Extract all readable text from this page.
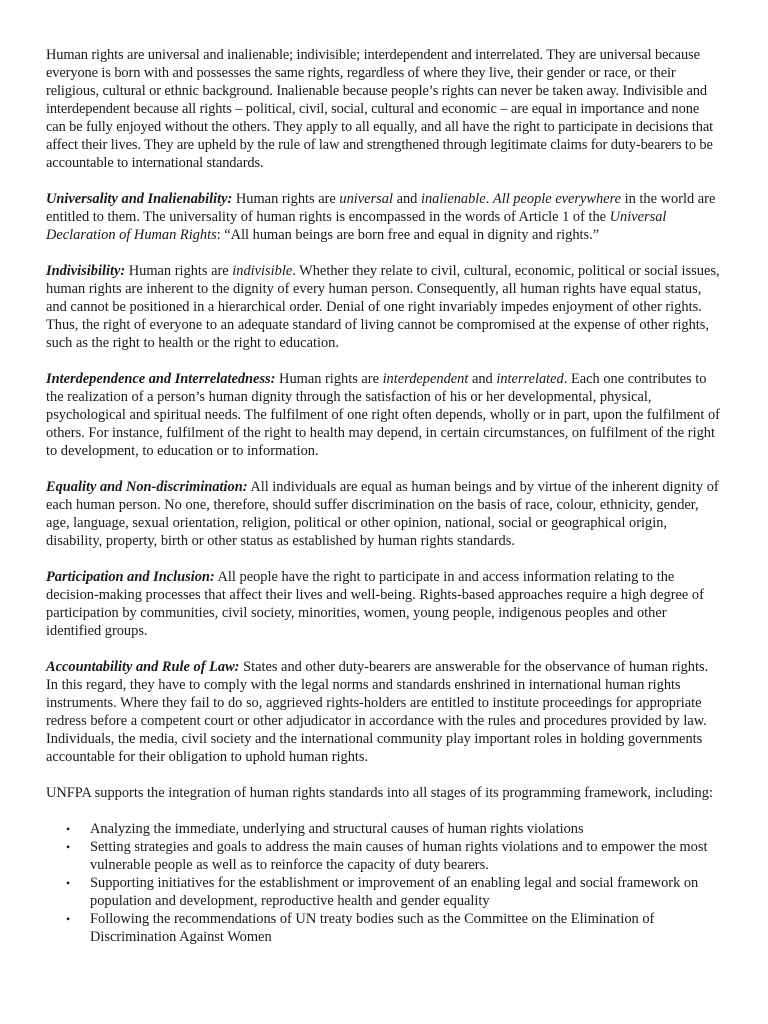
Human rights are universal and inalienable; indivisible; interdependent and interrelated. They are universal because everyone is born with and possesses the same rights, regardless of where they live, their gender or race, or their religious, cultural or ethnic background. Inalienable because people’s rights can never be taken away. Indivisible and interdependent because all rights – political, civil, social, cultural and economic – are equal in importance and none can be fully enjoyed without the others. They apply to all equally, and all have the right to participate in decisions that affect their lives. They are upheld by the rule of law and strengthened through legitimate claims for duty-bearers to be accountable to international standards.

Universality and Inalienability: Human rights are universal and inalienable. All people everywhere in the world are entitled to them. The universality of human rights is encompassed in the words of Article 1 of the Universal Declaration of Human Rights: “All human beings are born free and equal in dignity and rights.”

Indivisibility: Human rights are indivisible. Whether they relate to civil, cultural, economic, political or social issues, human rights are inherent to the dignity of every human person. Consequently, all human rights have equal status, and cannot be positioned in a hierarchical order. Denial of one right invariably impedes enjoyment of other rights. Thus, the right of everyone to an adequate standard of living cannot be compromised at the expense of other rights, such as the right to health or the right to education.

Interdependence and Interrelatedness: Human rights are interdependent and interrelated. Each one contributes to the realization of a person’s human dignity through the satisfaction of his or her developmental, physical, psychological and spiritual needs. The fulfilment of one right often depends, wholly or in part, upon the fulfilment of others. For instance, fulfilment of the right to health may depend, in certain circumstances, on fulfilment of the right to development, to education or to information.

Equality and Non-discrimination: All individuals are equal as human beings and by virtue of the inherent dignity of each human person. No one, therefore, should suffer discrimination on the basis of race, colour, ethnicity, gender, age, language, sexual orientation, religion, political or other opinion, national, social or geographical origin, disability, property, birth or other status as established by human rights standards.

Participation and Inclusion: All people have the right to participate in and access information relating to the decision-making processes that affect their lives and well-being. Rights-based approaches require a high degree of participation by communities, civil society, minorities, women, young people, indigenous peoples and other identified groups.

Accountability and Rule of Law: States and other duty-bearers are answerable for the observance of human rights. In this regard, they have to comply with the legal norms and standards enshrined in international human rights instruments. Where they fail to do so, aggrieved rights-holders are entitled to institute proceedings for appropriate redress before a competent court or other adjudicator in accordance with the rules and procedures provided by law. Individuals, the media, civil society and the international community play important roles in holding governments accountable for their obligation to uphold human rights.

UNFPA supports the integration of human rights standards into all stages of its programming framework, including:

• Analyzing the immediate, underlying and structural causes of human rights violations
• Setting strategies and goals to address the main causes of human rights violations and to empower the most vulnerable people as well as to reinforce the capacity of duty bearers.
• Supporting initiatives for the establishment or improvement of an enabling legal and social framework on population and development, reproductive health and gender equality
• Following the recommendations of UN treaty bodies such as the Committee on the Elimination of Discrimination Against Women
